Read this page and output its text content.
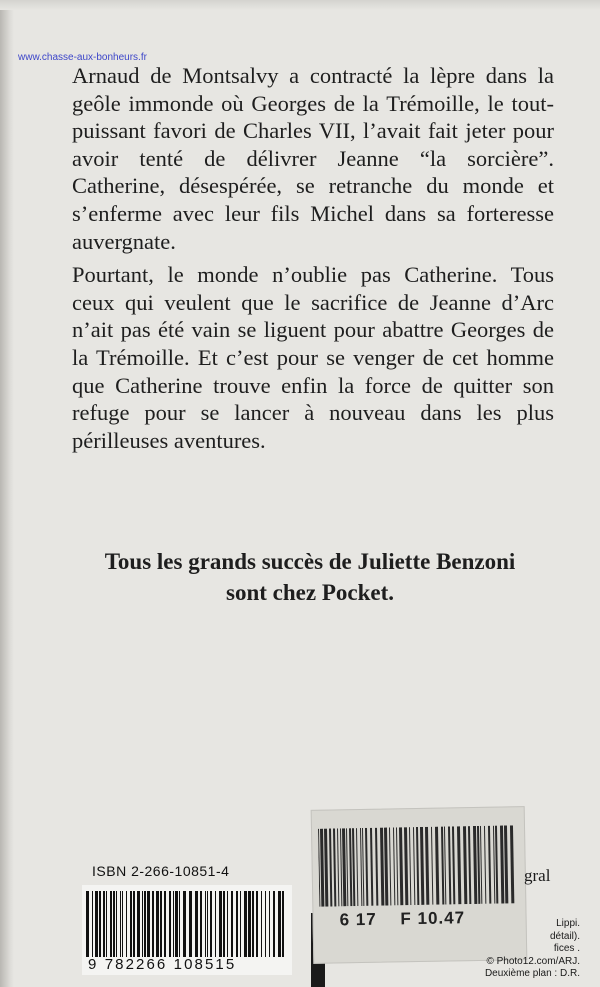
www.chasse-aux-bonheurs.fr

Arnaud de Montsalvy a contracté la lèpre dans la geôle immonde où Georges de la Trémoille, le tout-puissant favori de Charles VII, l’avait fait jeter pour avoir tenté de délivrer Jeanne “la sorcière”. Catherine, désespérée, se retranche du monde et s’enferme avec leur fils Michel dans sa forteresse auvergnate.

Pourtant, le monde n’oublie pas Catherine. Tous ceux qui veulent que le sacrifice de Jeanne d’Arc n’ait pas été vain se liguent pour abattre Georges de la Trémoille. Et c’est pour se venger de cet homme que Catherine trouve enfin la force de quitter son refuge pour se lancer à nouveau dans les plus périlleuses aventures.

Tous les grands succès de Juliette Benzoni
sont chez Pocket.
ISBN 2-266-10851-4
9 782266 108515
6 17 F 10.47
gral
Lippi.
détail).
fices .
© Photo12.com/ARJ.
Deuxième plan : D.R.
